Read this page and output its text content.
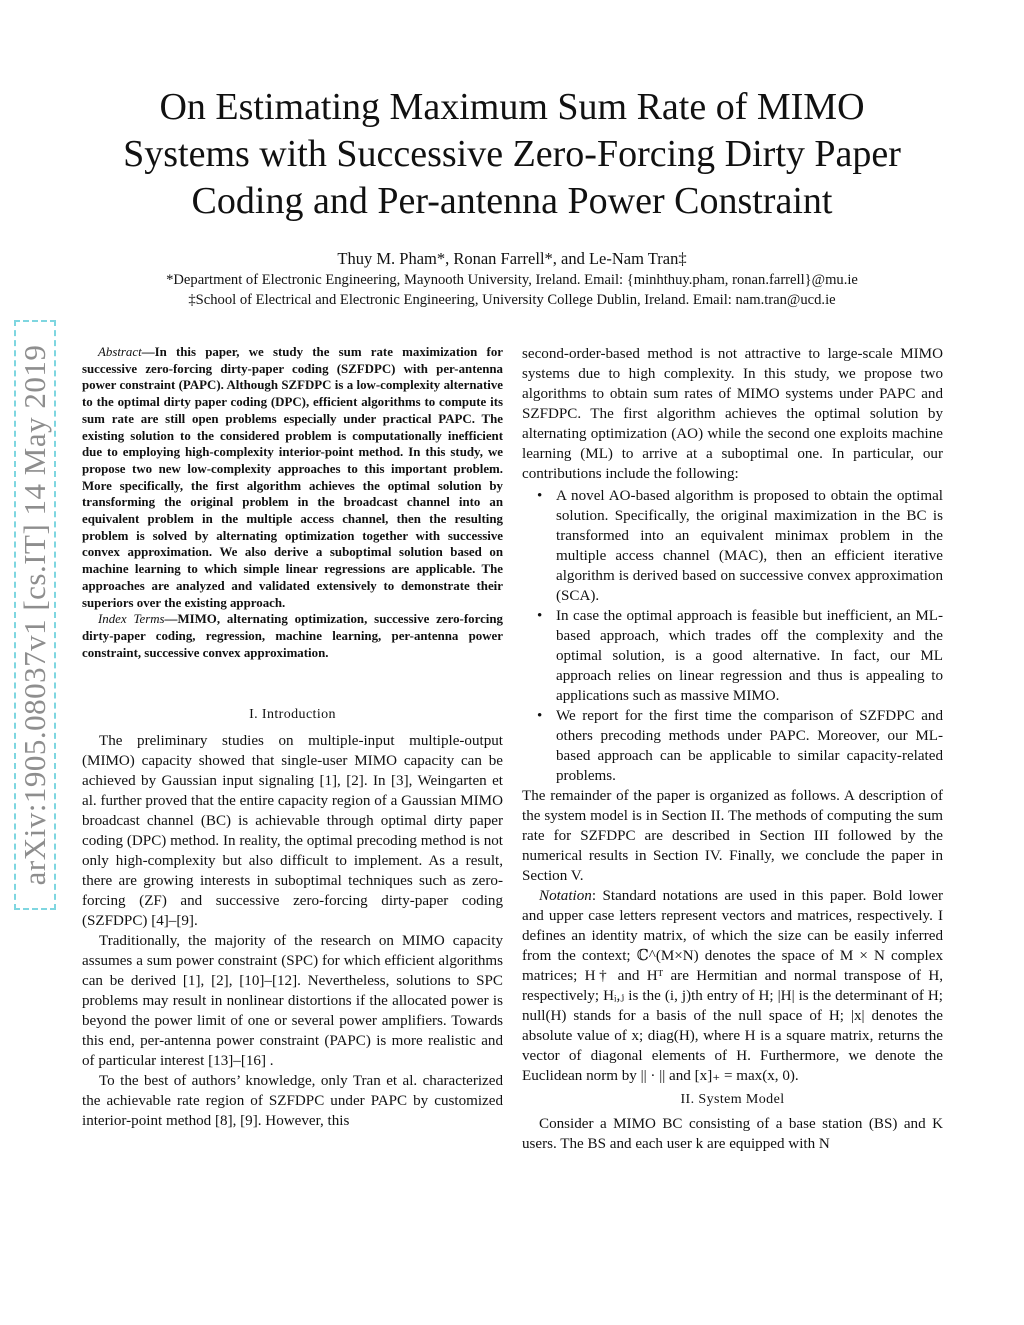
arXiv:1905.08037v1 [cs.IT] 14 May 2019
On Estimating Maximum Sum Rate of MIMO
Systems with Successive Zero-Forcing Dirty Paper
Coding and Per-antenna Power Constraint
Thuy M. Pham*, Ronan Farrell*, and Le-Nam Tran‡
*Department of Electronic Engineering, Maynooth University, Ireland. Email: {minhthuy.pham, ronan.farrell}@mu.ie
‡School of Electrical and Electronic Engineering, University College Dublin, Ireland. Email: nam.tran@ucd.ie

Abstract—In this paper, we study the sum rate maximization for successive zero-forcing dirty-paper coding (SZFDPC) with per-antenna power constraint (PAPC). Although SZFDPC is a low-complexity alternative to the optimal dirty paper coding (DPC), efficient algorithms to compute its sum rate are still open problems especially under practical PAPC. The existing solution to the considered problem is computationally inefficient due to employing high-complexity interior-point method. In this study, we propose two new low-complexity approaches to this important problem. More specifically, the first algorithm achieves the optimal solution by transforming the original problem in the broadcast channel into an equivalent problem in the multiple access channel, then the resulting problem is solved by alternating optimization together with successive convex approximation. We also derive a suboptimal solution based on machine learning to which simple linear regressions are applicable. The approaches are analyzed and validated extensively to demonstrate their superiors over the existing approach.

Index Terms—MIMO, alternating optimization, successive zero-forcing dirty-paper coding, regression, machine learning, per-antenna power constraint, successive convex approximation.

I. Introduction

The preliminary studies on multiple-input multiple-output (MIMO) capacity showed that single-user MIMO capacity can be achieved by Gaussian input signaling [1], [2]. In [3], Weingarten et al. further proved that the entire capacity region of a Gaussian MIMO broadcast channel (BC) is achievable through optimal dirty paper coding (DPC) method. In reality, the optimal precoding method is not only high-complexity but also difficult to implement. As a result, there are growing interests in suboptimal techniques such as zero-forcing (ZF) and successive zero-forcing dirty-paper coding (SZFDPC) [4]–[9].

Traditionally, the majority of the research on MIMO capacity assumes a sum power constraint (SPC) for which efficient algorithms can be derived [1], [2], [10]–[12]. Nevertheless, solutions to SPC problems may result in nonlinear distortions if the allocated power is beyond the power limit of one or several power amplifiers. Towards this end, per-antenna power constraint (PAPC) is more realistic and of particular interest [13]–[16] .

To the best of authors’ knowledge, only Tran et al. characterized the achievable rate region of SZFDPC under PAPC by customized interior-point method [8], [9]. However, this

second-order-based method is not attractive to large-scale MIMO systems due to high complexity. In this study, we propose two algorithms to obtain sum rates of MIMO systems under PAPC and SZFDPC. The first algorithm achieves the optimal solution by alternating optimization (AO) while the second one exploits machine learning (ML) to arrive at a suboptimal one. In particular, our contributions include the following:

• A novel AO-based algorithm is proposed to obtain the optimal solution. Specifically, the original maximization in the BC is transformed into an equivalent minimax problem in the multiple access channel (MAC), then an efficient iterative algorithm is derived based on successive convex approximation (SCA).
• In case the optimal approach is feasible but inefficient, an ML-based approach, which trades off the complexity and the optimal solution, is a good alternative. In fact, our ML approach relies on linear regression and thus is appealing to applications such as massive MIMO.
• We report for the first time the comparison of SZFDPC and others precoding methods under PAPC. Moreover, our ML-based approach can be applicable to similar capacity-related problems.

The remainder of the paper is organized as follows. A description of the system model is in Section II. The methods of computing the sum rate for SZFDPC are described in Section III followed by the numerical results in Section IV. Finally, we conclude the paper in Section V.

Notation: Standard notations are used in this paper. Bold lower and upper case letters represent vectors and matrices, respectively. I defines an identity matrix, of which the size can be easily inferred from the context; ℂ^(M×N) denotes the space of M × N complex matrices; H† and Hᵀ are Hermitian and normal transpose of H, respectively; Hᵢ,ⱼ is the (i, j)th entry of H; |H| is the determinant of H; null(H) stands for a basis of the null space of H; |x| denotes the absolute value of x; diag(H), where H is a square matrix, returns the vector of diagonal elements of H. Furthermore, we denote the Euclidean norm by || · || and [x]₊ = max(x, 0).

II. System Model

Consider a MIMO BC consisting of a base station (BS) and K users. The BS and each user k are equipped with N
